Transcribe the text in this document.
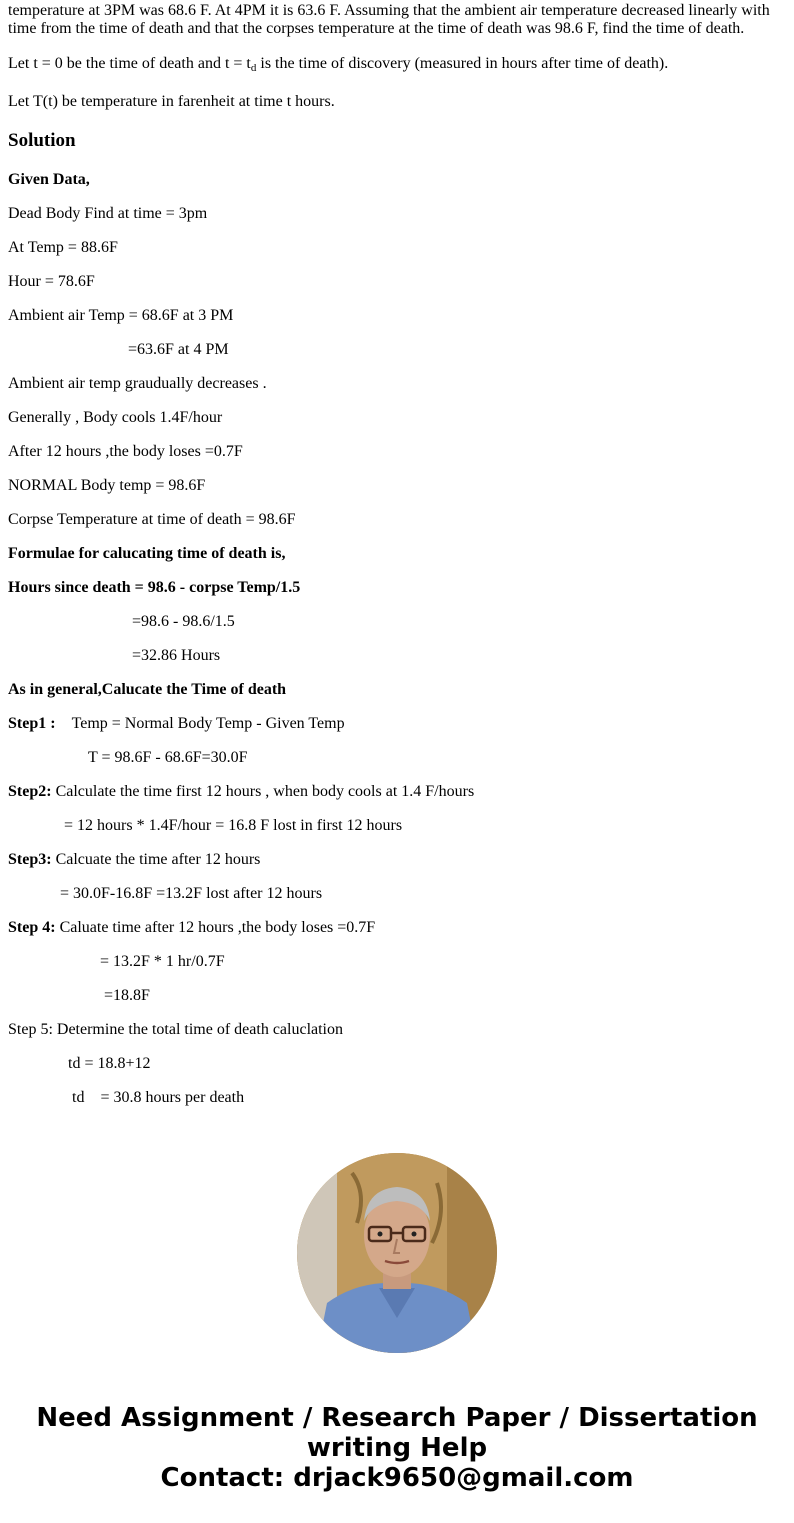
temperature at 3PM was 68.6 F. At 4PM it is 63.6 F. Assuming that the ambient air temperature decreased linearly with time from the time of death and that the corpses temperature at the time of death was 98.6 F, find the time of death.

Let t = 0 be the time of death and $t = t_d$ is the time of discovery (measured in hours after time of death).
Let T(t) be temperature in farenheit at time t hours.
Solution
Given Data,
Dead Body Find at time = 3pm
At Temp = 88.6F
Hour = 78.6F
Ambient air Temp = 68.6F at 3 PM
=63.6F at 4 PM
Ambient air temp graudually decreases .
Generally , Body cools 1.4F/hour
After 12 hours ,the body loses =0.7F
NORMAL Body temp = 98.6F
Corpse Temperature at time of death = 98.6F
Formulae for calucating time of death is,
Hours since death = 98.6 - corpse Temp/1.5
=98.6 - 98.6/1.5
=32.86 Hours
As in general,Calucate the Time of death
Step1 : Temp = Normal Body Temp - Given Temp
T = 98.6F - 68.6F=30.0F
Step2: Calculate the time first 12 hours , when body cools at 1.4 F/hours
= 12 hours * 1.4F/hour = 16.8 F lost in first 12 hours
Step3: Calcuate the time after 12 hours
= 30.0F-16.8F =13.2F lost after 12 hours
Step 4: Caluate time after 12 hours ,the body loses =0.7F
= 13.2F * 1 hr/0.7F
=18.8F
Step 5: Determine the total time of death caluclation
td = 18.8+12
td    = 30.8 hours per death
Need Assignment / Research Paper / Dissertation
writing Help
Contact: drjack9650@gmail.com
